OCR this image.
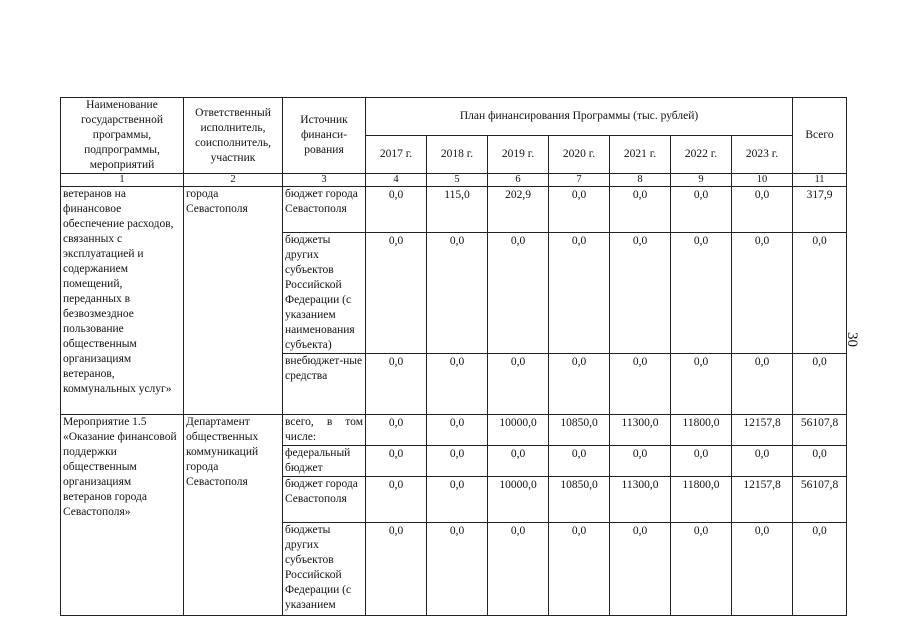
30
Наименование государственной программы, подпрограммы, мероприятий	Ответственный исполнитель, соисполнитель, участник	Источник финанси-рования	План финансирования Программы (тыс. рублей)							Всего
			2017 г.	2018 г.	2019 г.	2020 г.	2021 г.	2022 г.	2023 г.	
1	2	3	4	5	6	7	8	9	10	11
ветеранов на финансовое обеспечение расходов, связанных с эксплуатацией и содержанием помещений, переданных в безвозмездное пользование общественным организациям ветеранов, коммунальных услуг»	города Севастополя	бюджет города Севастополя	0,0	115,0	202,9	0,0	0,0	0,0	0,0	317,9
		бюджеты других субъектов Российской Федерации (с указанием наименования субъекта)	0,0	0,0	0,0	0,0	0,0	0,0	0,0	0,0
		внебюджет-ные средства	0,0	0,0	0,0	0,0	0,0	0,0	0,0	0,0
Мероприятие 1.5 «Оказание финансовой поддержки общественным организациям ветеранов города Севастополя»	Департамент общественных коммуникаций города Севастополя	всего, в том числе:	0,0	0,0	10000,0	10850,0	11300,0	11800,0	12157,8	56107,8
		федеральный бюджет	0,0	0,0	0,0	0,0	0,0	0,0	0,0	0,0
		бюджет города Севастополя	0,0	0,0	10000,0	10850,0	11300,0	11800,0	12157,8	56107,8
		бюджеты других субъектов Российской Федерации (с указанием	0,0	0,0	0,0	0,0	0,0	0,0	0,0	0,0
